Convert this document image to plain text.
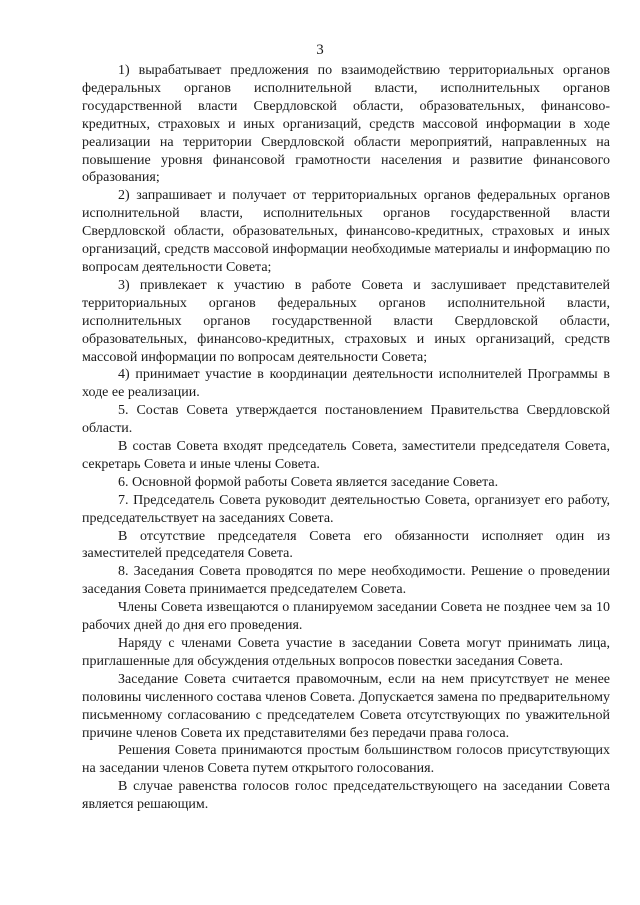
3

1) вырабатывает предложения по взаимодействию территориальных органов федеральных органов исполнительной власти, исполнительных органов государственной власти Свердловской области, образовательных, финансово-кредитных, страховых и иных организаций, средств массовой информации в ходе реализации на территории Свердловской области мероприятий, направленных на повышение уровня финансовой грамотности населения и развитие финансового образования;

2) запрашивает и получает от территориальных органов федеральных органов исполнительной власти, исполнительных органов государственной власти Свердловской области, образовательных, финансово-кредитных, страховых и иных организаций, средств массовой информации необходимые материалы и информацию по вопросам деятельности Совета;

3) привлекает к участию в работе Совета и заслушивает представителей территориальных органов федеральных органов исполнительной власти, исполнительных органов государственной власти Свердловской области, образовательных, финансово-кредитных, страховых и иных организаций, средств массовой информации по вопросам деятельности Совета;

4) принимает участие в координации деятельности исполнителей Программы в ходе ее реализации.

5. Состав Совета утверждается постановлением Правительства Свердловской области.

В состав Совета входят председатель Совета, заместители председателя Совета, секретарь Совета и иные члены Совета.

6. Основной формой работы Совета является заседание Совета.

7. Председатель Совета руководит деятельностью Совета, организует его работу, председательствует на заседаниях Совета.

В отсутствие председателя Совета его обязанности исполняет один из заместителей председателя Совета.

8. Заседания Совета проводятся по мере необходимости. Решение о проведении заседания Совета принимается председателем Совета.

Члены Совета извещаются о планируемом заседании Совета не позднее чем за 10 рабочих дней до дня его проведения.

Наряду с членами Совета участие в заседании Совета могут принимать лица, приглашенные для обсуждения отдельных вопросов повестки заседания Совета.

Заседание Совета считается правомочным, если на нем присутствует не менее половины численного состава членов Совета. Допускается замена по предварительному письменному согласованию с председателем Совета отсутствующих по уважительной причине членов Совета их представителями без передачи права голоса.

Решения Совета принимаются простым большинством голосов присутствующих на заседании членов Совета путем открытого голосования.

В случае равенства голосов голос председательствующего на заседании Совета является решающим.
